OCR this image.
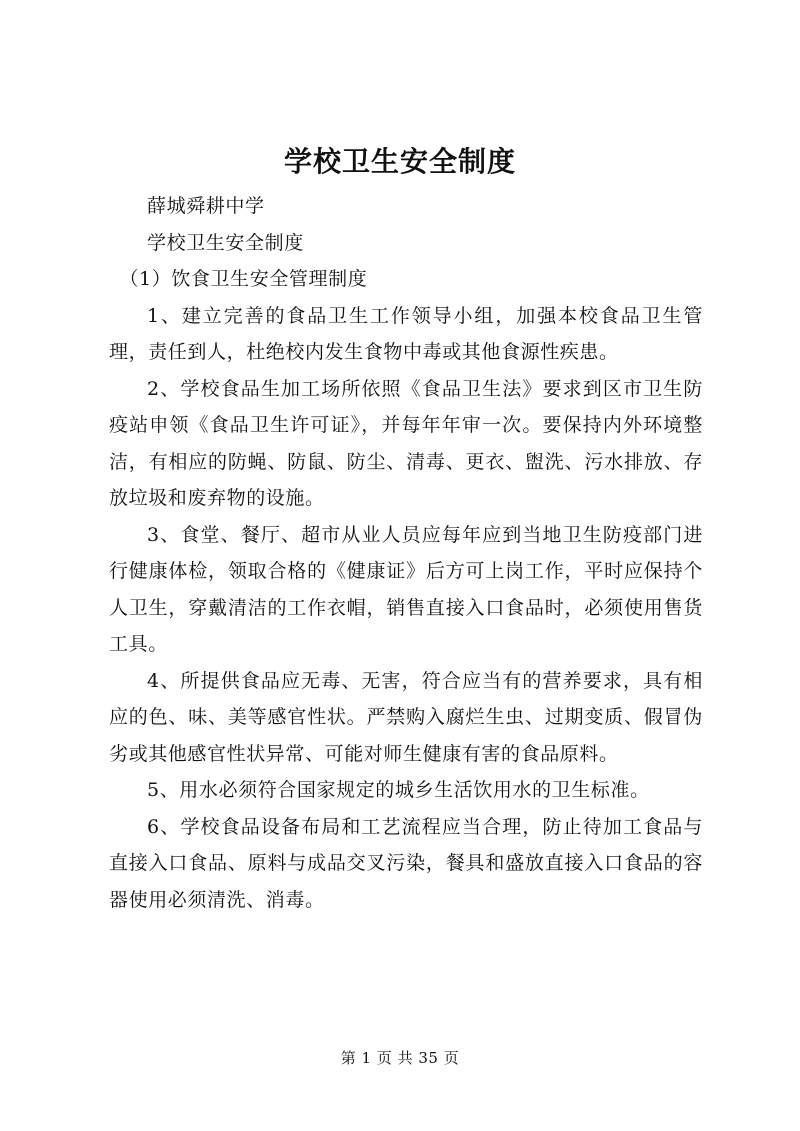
学校卫生安全制度

薛城舜耕中学

学校卫生安全制度

（1）饮食卫生安全管理制度

1、建立完善的食品卫生工作领导小组，加强本校食品卫生管理，责任到人，杜绝校内发生食物中毒或其他食源性疾患。

2、学校食品生加工场所依照《食品卫生法》要求到区市卫生防疫站申领《食品卫生许可证》，并每年年审一次。要保持内外环境整洁，有相应的防蝇、防鼠、防尘、清毒、更衣、盥洗、污水排放、存放垃圾和废弃物的设施。

3、食堂、餐厅、超市从业人员应每年应到当地卫生防疫部门进行健康体检，领取合格的《健康证》后方可上岗工作，平时应保持个人卫生，穿戴清洁的工作衣帽，销售直接入口食品时，必须使用售货工具。

4、所提供食品应无毒、无害，符合应当有的营养要求，具有相应的色、味、美等感官性状。严禁购入腐烂生虫、过期变质、假冒伪劣或其他感官性状异常、可能对师生健康有害的食品原料。

5、用水必须符合国家规定的城乡生活饮用水的卫生标准。

6、学校食品设备布局和工艺流程应当合理，防止待加工食品与直接入口食品、原料与成品交叉污染，餐具和盛放直接入口食品的容器使用必须清洗、消毒。

第 1 页 共 35 页
